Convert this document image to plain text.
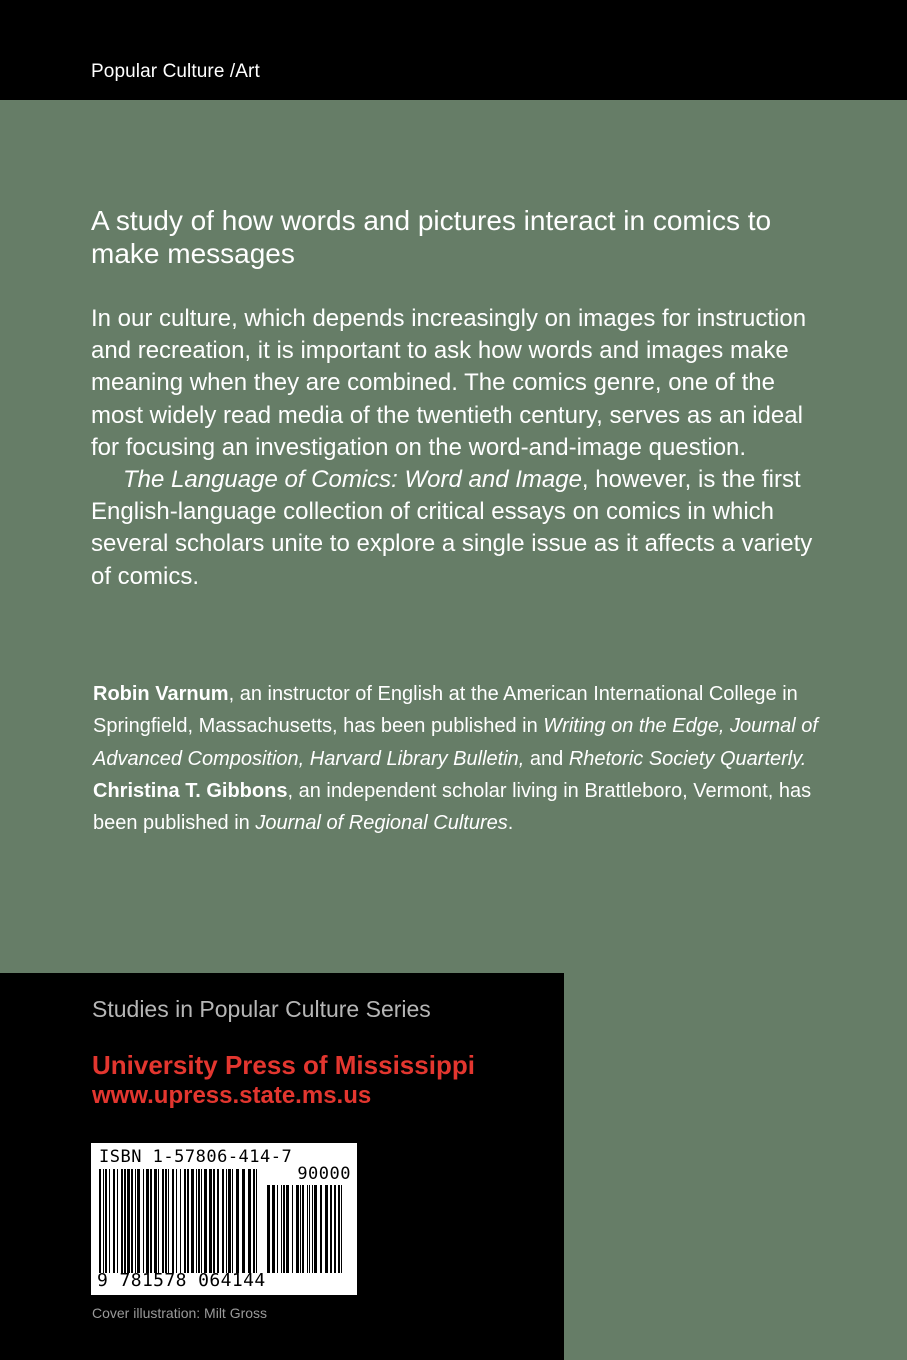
Popular Culture /Art
A study of how words and pictures interact in comics to make messages

In our culture, which depends increasingly on images for instruction and recreation, it is important to ask how words and images make meaning when they are combined. The comics genre, one of the most widely read media of the twentieth century, serves as an ideal for focusing an investigation on the word-and-image question.

The Language of Comics: Word and Image, however, is the first English-language collection of critical essays on comics in which several scholars unite to explore a single issue as it affects a variety of comics.

Robin Varnum, an instructor of English at the American International College in Springfield, Massachusetts, has been published in Writing on the Edge, Journal of Advanced Composition, Harvard Library Bulletin, and Rhetoric Society Quarterly. Christina T. Gibbons, an independent scholar living in Brattleboro, Vermont, has been published in Journal of Regional Cultures.

Studies in Popular Culture Series
University Press of Mississippi
www.upress.state.ms.us
ISBN 1-57806-414-7
90000
9 781578 064144
Cover illustration: Milt Gross
